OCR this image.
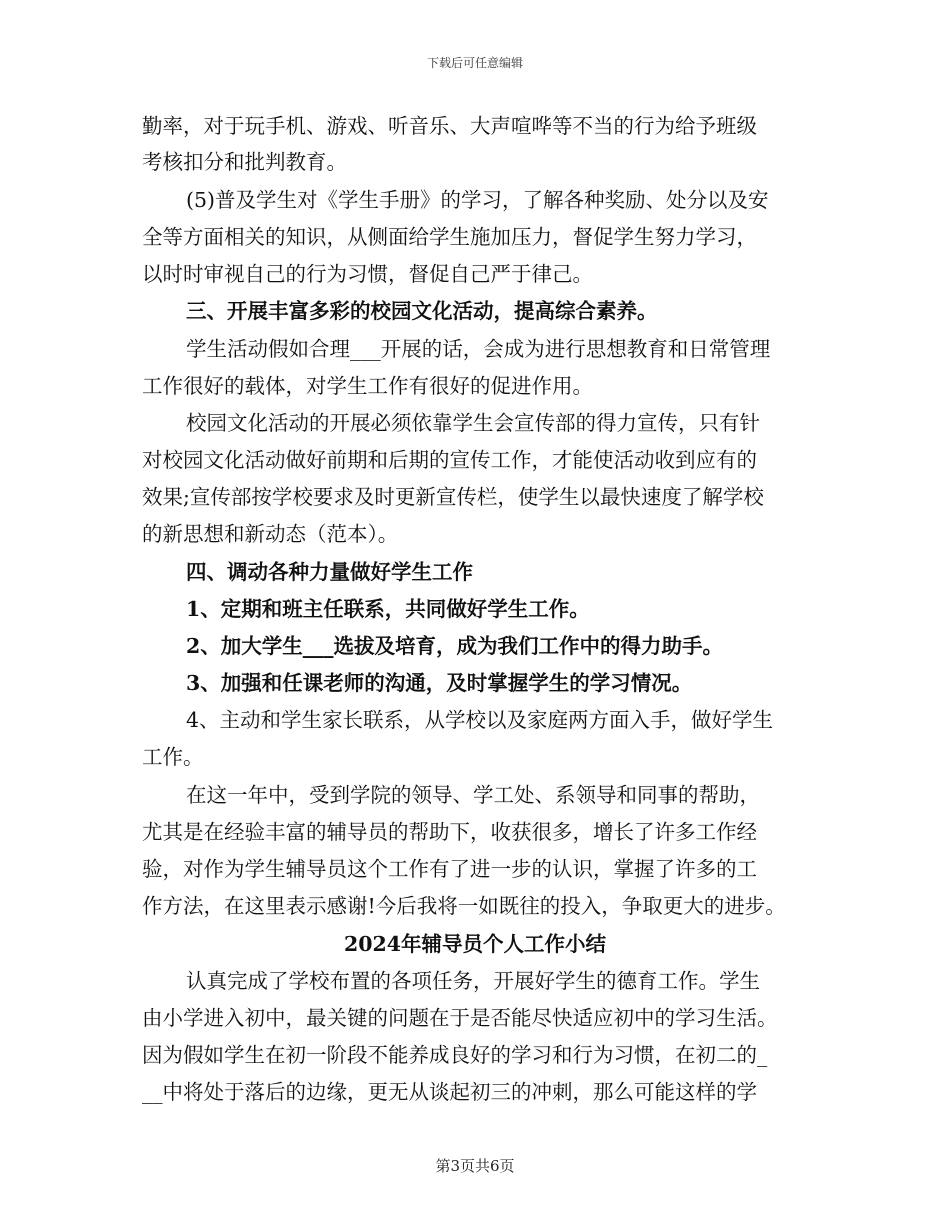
下载后可任意编辑
勤率，对于玩手机、游戏、听音乐、大声喧哗等不当的行为给予班级
考核扣分和批判教育。
(5)普及学生对《学生手册》的学习，了解各种奖励、处分以及安
全等方面相关的知识，从侧面给学生施加压力，督促学生努力学习，
以时时审视自己的行为习惯，督促自己严于律己。
三、开展丰富多彩的校园文化活动，提高综合素养。
学生活动假如合理___开展的话，会成为进行思想教育和日常管理
工作很好的载体，对学生工作有很好的促进作用。
校园文化活动的开展必须依靠学生会宣传部的得力宣传，只有针
对校园文化活动做好前期和后期的宣传工作，才能使活动收到应有的
效果;宣传部按学校要求及时更新宣传栏，使学生以最快速度了解学校
的新思想和新动态（范本）。
四、调动各种力量做好学生工作
1、定期和班主任联系，共同做好学生工作。
2、加大学生___选拔及培育，成为我们工作中的得力助手。
3、加强和任课老师的沟通，及时掌握学生的学习情况。
4、主动和学生家长联系，从学校以及家庭两方面入手，做好学生
工作。
在这一年中，受到学院的领导、学工处、系领导和同事的帮助，
尤其是在经验丰富的辅导员的帮助下，收获很多，增长了许多工作经
验，对作为学生辅导员这个工作有了进一步的认识，掌握了许多的工
作方法，在这里表示感谢!今后我将一如既往的投入，争取更大的进步。
2024年辅导员个人工作小结
认真完成了学校布置的各项任务，开展好学生的德育工作。学生
由小学进入初中，最关键的问题在于是否能尽快适应初中的学习生活。
因为假如学生在初一阶段不能养成良好的学习和行为习惯，在初二的_
__中将处于落后的边缘，更无从谈起初三的冲刺，那么可能这样的学
第3页共6页
